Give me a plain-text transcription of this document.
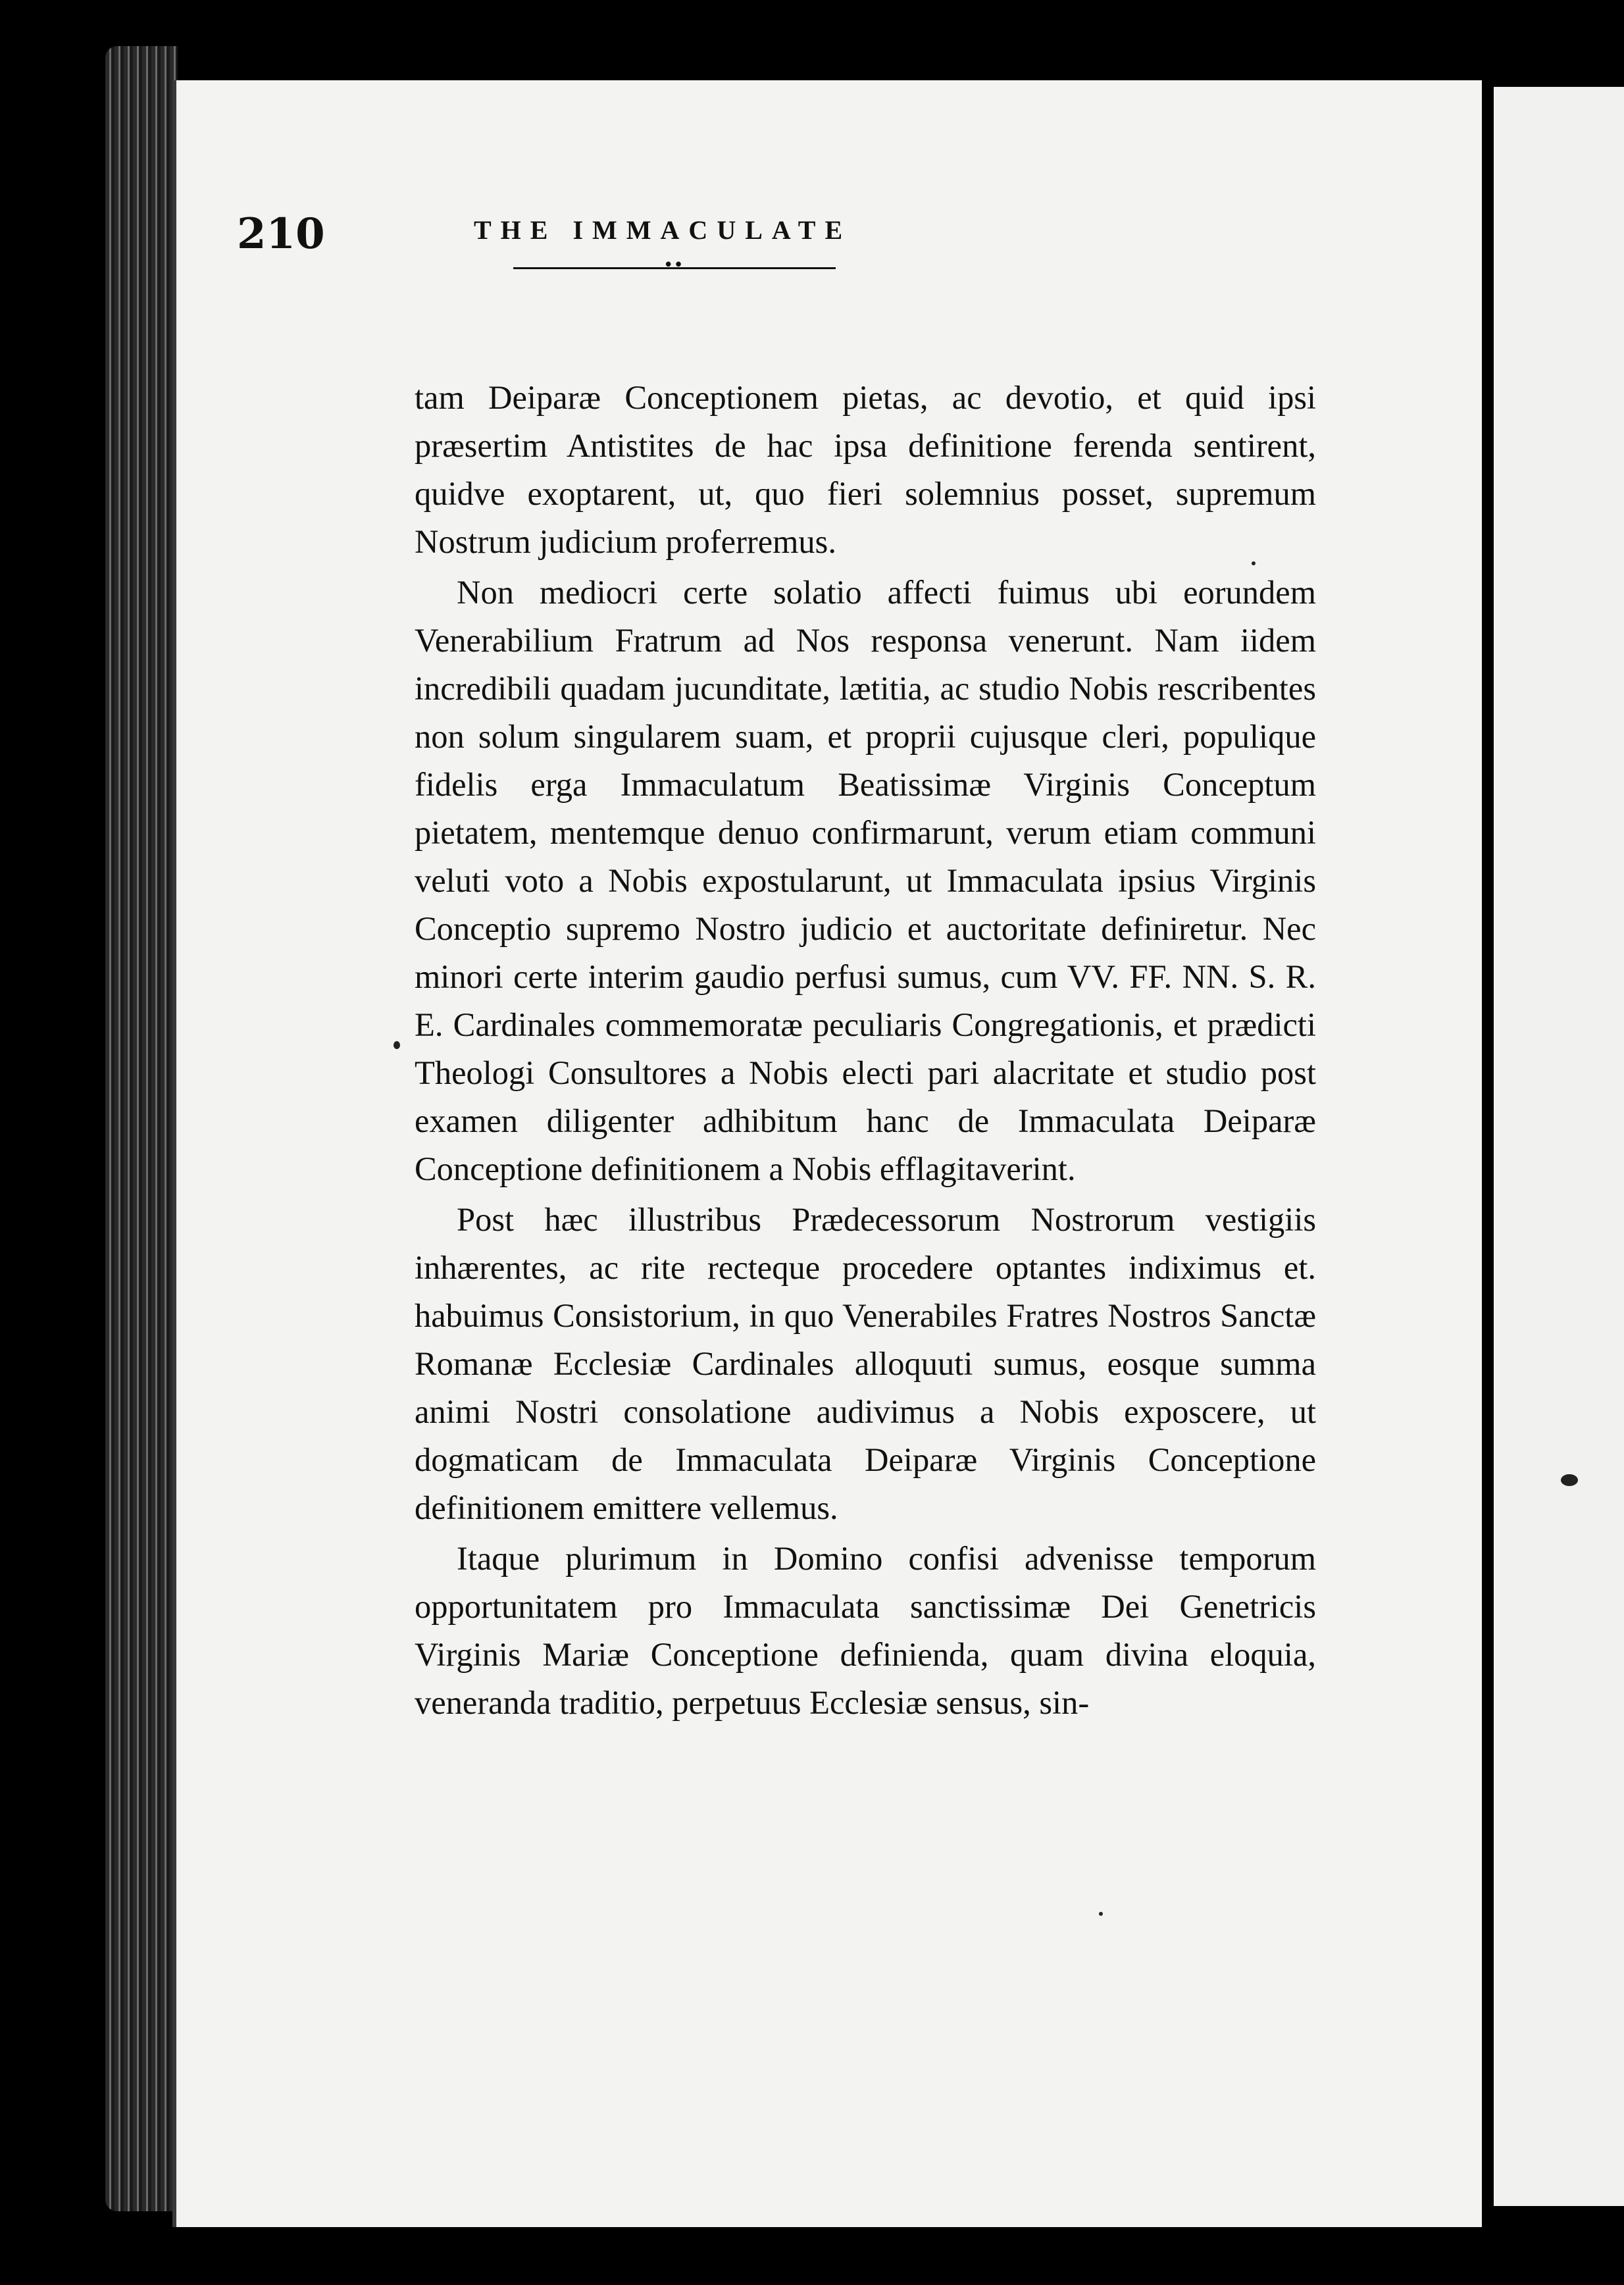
210	THE IMMACULATE
••

tam Deiparæ Conceptionem pietas, ac devotio, et quid ipsi præsertim Antistites de hac ipsa definitione ferenda sentirent, quidve exoptarent, ut, quo fieri solemnius posset, supremum Nostrum judicium proferremus.

Non mediocri certe solatio affecti fuimus ubi eorundem Venerabilium Fratrum ad Nos responsa venerunt. Nam iidem incredibili quadam jucunditate, lætitia, ac studio Nobis rescribentes non solum singularem suam, et proprii cujusque cleri, populique fidelis erga Immaculatum Beatissimæ Virginis Conceptum pietatem, mentemque denuo confirmarunt, verum etiam communi veluti voto a Nobis expostularunt, ut Immaculata ipsius Virginis Conceptio supremo Nostro judicio et auctoritate definiretur. Nec minori certe interim gaudio perfusi sumus, cum VV. FF. NN. S. R. E. Cardinales commemoratæ peculiaris Congregationis, et prædicti Theologi Consultores a Nobis electi pari alacritate et studio post examen diligenter adhibitum hanc de Immaculata Deiparæ Conceptione definitionem a Nobis efflagitaverint.

Post hæc illustribus Prædecessorum Nostrorum vestigiis inhærentes, ac rite recteque procedere optantes indiximus et. habuimus Consistorium, in quo Venerabiles Fratres Nostros Sanctæ Romanæ Ecclesiæ Cardinales alloquuti sumus, eosque summa animi Nostri consolatione audivimus a Nobis exposcere, ut dogmaticam de Immaculata Deiparæ Virginis Conceptione definitionem emittere vellemus.

Itaque plurimum in Domino confisi advenisse temporum opportunitatem pro Immaculata sanctissimæ Dei Genetricis Virginis Mariæ Conceptione definienda, quam divina eloquia, veneranda traditio, perpetuus Ecclesiæ sensus, sin-
